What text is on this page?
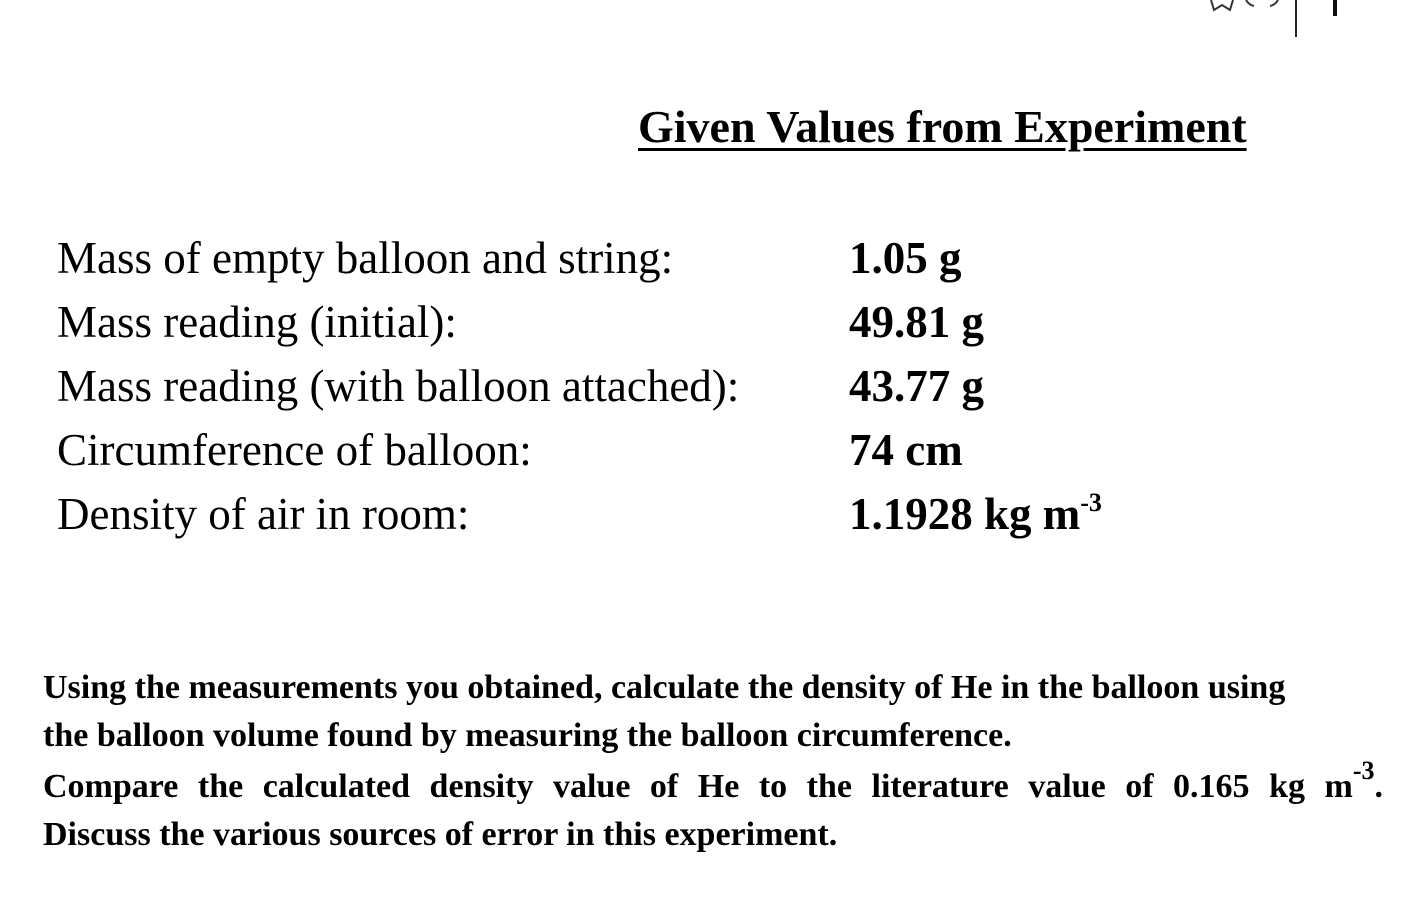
Given Values from Experiment
Mass of empty balloon and string:	1.05 g
Mass reading (initial):	49.81 g
Mass reading (with balloon attached):	43.77 g
Circumference of balloon:	74 cm
Density of air in room:	1.1928 kg $m^{-3}$
Using the measurements you obtained, calculate the density of He in the balloon using
the balloon volume found by measuring the balloon circumference.
Compare the calculated density value of He to the literature value of 0.165 kg $m^{-3}$.
Discuss the various sources of error in this experiment.
